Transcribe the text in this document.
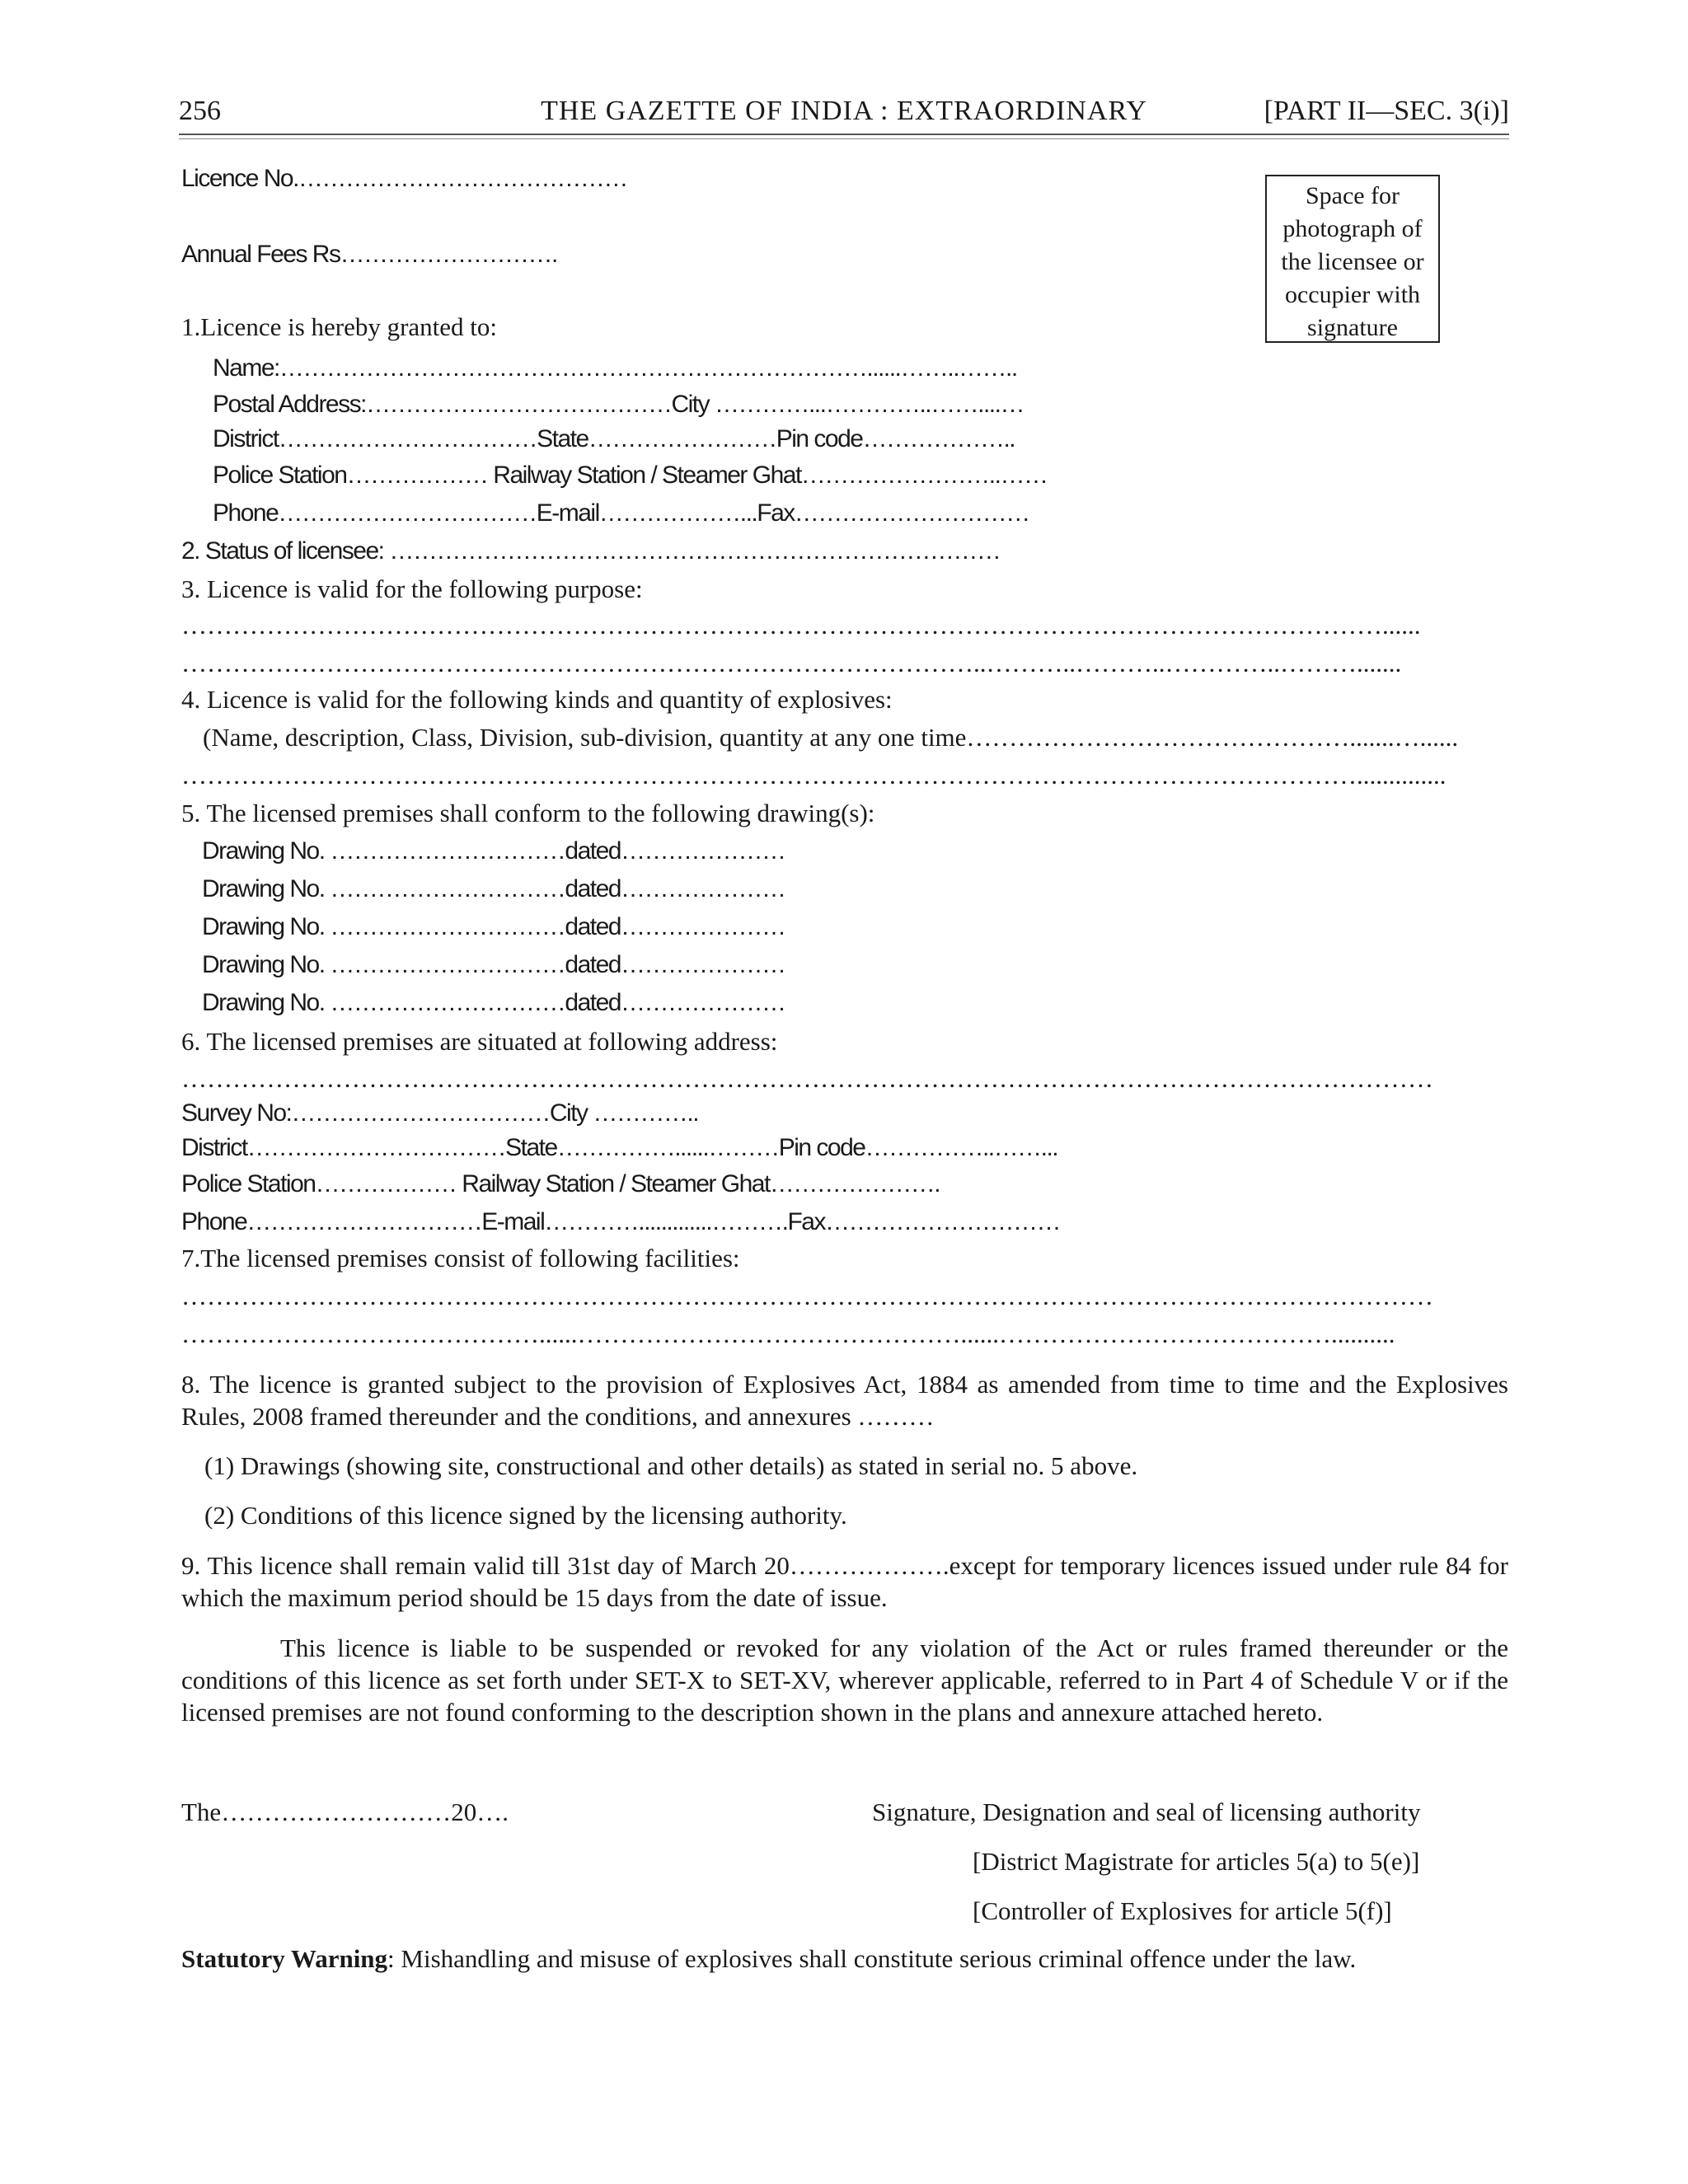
256	THE GAZETTE OF INDIA : EXTRAORDINARY	[PART II—SEC. 3(i)]
Space for photograph of the licensee or occupier with signature
Licence No.……………………………………
Annual Fees Rs……………………….
1.Licence is hereby granted to:
Name:…………………………………………………………………......……..……..
Postal Address:…………………………………City …………...…………..……....…
District……………………………State……………………Pin code………………..
Police Station……………… Railway Station / Steamer Ghat……………………..……
Phone……………………………E-mail………………...Fax…………………………
2. Status of licensee: ……………………………………………………………………
3. Licence is valid for the following purpose:
……………………………………………………………………………………………………………………………......
…………………………………………………………………………………..………..………..…………..……….......
4. Licence is valid for the following kinds and quantity of explosives:
(Name, description, Class, Division, sub-division, quantity at any one time……………………………………….......…......
…………………………………………………………………………………………………………………………..............
5. The licensed premises shall conform to the following drawing(s):
Drawing No. …………………………dated…………………
Drawing No. …………………………dated…………………
Drawing No. …………………………dated…………………
Drawing No. …………………………dated…………………
Drawing No. …………………………dated…………………
6. The licensed premises are situated at following address:
…………………………………………………………………………………………………………………………………
Survey No:……………………………City …………..
District……………………………State……………......………Pin code……………..……...
Police Station……………… Railway Station / Steamer Ghat………………….
Phone…………………………E-mail………….............……….Fax…………………………
7.The licensed premises consist of following facilities:
…………………………………………………………………………………………………………………………………
……………………………………......………………………………………......…………………………………..........
8. The licence is granted subject to the provision of Explosives Act, 1884 as amended from time to time and the Explosives Rules, 2008 framed thereunder and the conditions, and annexures ………
(1) Drawings (showing site, constructional and other details) as stated in serial no. 5 above.
(2) Conditions of this licence signed by the licensing authority.
9. This licence shall remain valid till 31st day of March 20……………….except for temporary licences issued under rule 84 for which the maximum period should be 15 days from the date of issue.
This licence is liable to be suspended or revoked for any violation of the Act or rules framed thereunder or the conditions of this licence as set forth under SET-X to SET-XV, wherever applicable, referred to in Part 4 of Schedule V or if the licensed premises are not found conforming to the description shown in the plans and annexure attached hereto.
The………………………20….	Signature, Designation and seal of licensing authority
[District Magistrate for articles 5(a) to 5(e)]
[Controller of Explosives for article 5(f)]
Statutory Warning: Mishandling and misuse of explosives shall constitute serious criminal offence under the law.
